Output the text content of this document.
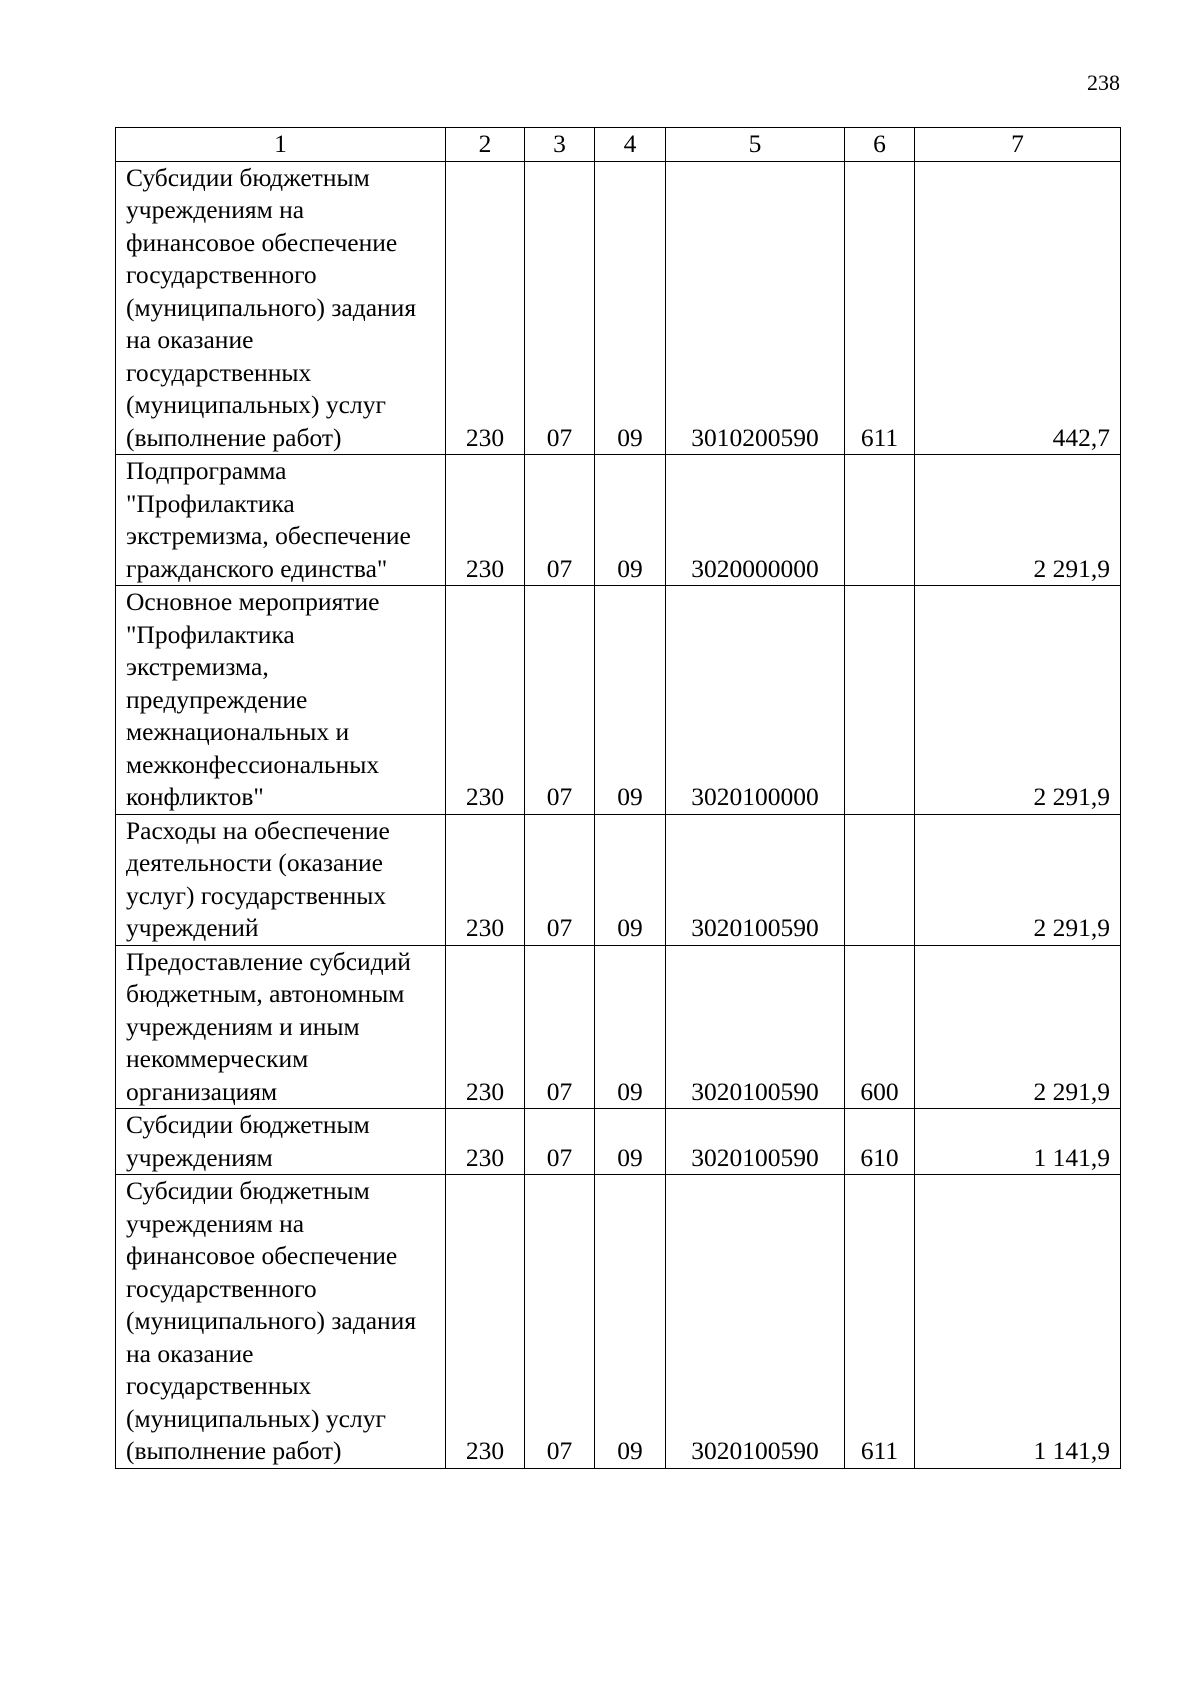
238
1	2	3	4	5	6	7
Субсидии бюджетным учреждениям на финансовое обеспечение государственного (муниципального) задания на оказание государственных (муниципальных) услуг (выполнение работ)	230	07	09	3010200590	611	442,7
Подпрограмма "Профилактика экстремизма, обеспечение гражданского единства"	230	07	09	3020000000		2 291,9
Основное мероприятие "Профилактика экстремизма, предупреждение межнациональных и межконфессиональных конфликтов"	230	07	09	3020100000		2 291,9
Расходы на обеспечение деятельности (оказание услуг) государственных учреждений	230	07	09	3020100590		2 291,9
Предоставление субсидий бюджетным, автономным учреждениям и иным некоммерческим организациям	230	07	09	3020100590	600	2 291,9
Субсидии бюджетным учреждениям	230	07	09	3020100590	610	1 141,9
Субсидии бюджетным учреждениям на финансовое обеспечение государственного (муниципального) задания на оказание государственных (муниципальных) услуг (выполнение работ)	230	07	09	3020100590	611	1 141,9
